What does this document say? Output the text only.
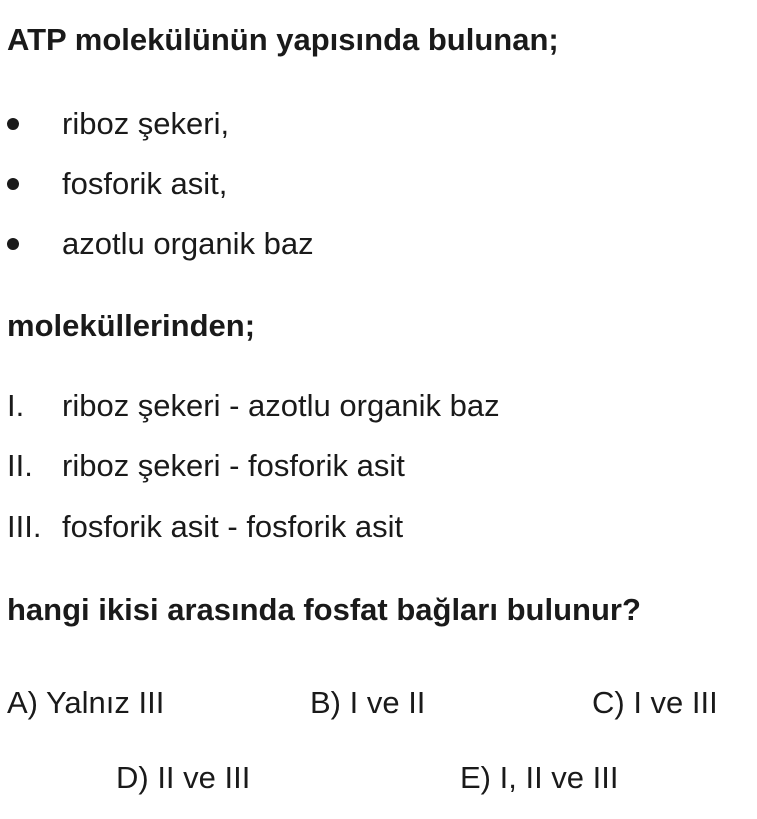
ATP molekülünün yapısında bulunan;
riboz şekeri,
fosforik asit,
azotlu organik baz
moleküllerinden;
I. riboz şekeri - azotlu organik baz
II. riboz şekeri - fosforik asit
III. fosforik asit - fosforik asit
hangi ikisi arasında fosfat bağları bulunur?
A) Yalnız III	B) I ve II	C) I ve III
D) II ve III	E) I, II ve III
